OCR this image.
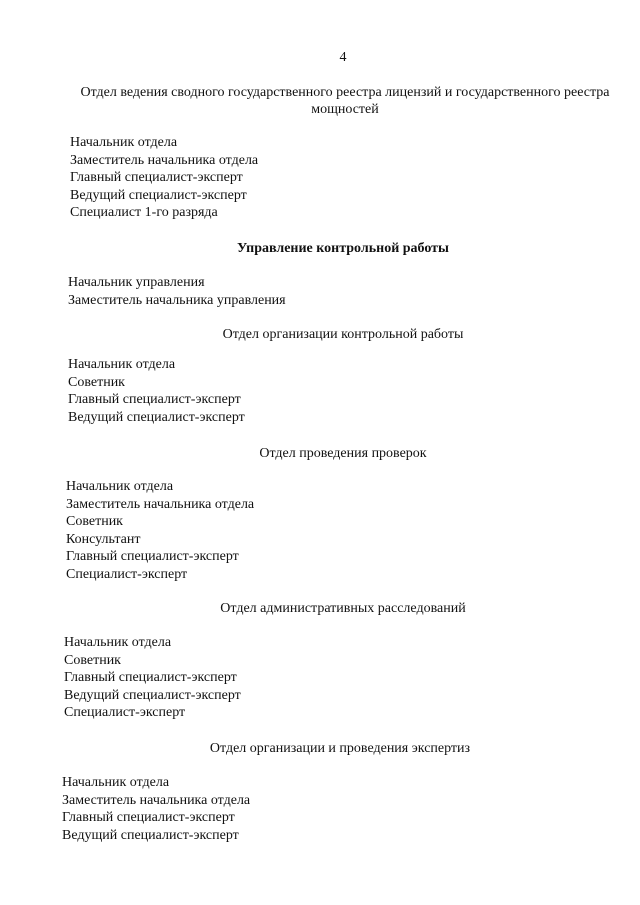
4
Отдел ведения сводного государственного реестра лицензий и государственного реестра мощностей
Начальник отдела
Заместитель начальника отдела
Главный специалист-эксперт
Ведущий специалист-эксперт
Специалист 1-го разряда
Управление контрольной работы
Начальник управления
Заместитель начальника управления
Отдел организации контрольной работы
Начальник отдела
Советник
Главный специалист-эксперт
Ведущий специалист-эксперт
Отдел проведения проверок
Начальник отдела
Заместитель начальника отдела
Советник
Консультант
Главный специалист-эксперт
Специалист-эксперт
Отдел административных расследований
Начальник отдела
Советник
Главный специалист-эксперт
Ведущий специалист-эксперт
Специалист-эксперт
Отдел организации и проведения экспертиз
Начальник отдела
Заместитель начальника отдела
Главный специалист-эксперт
Ведущий специалист-эксперт
